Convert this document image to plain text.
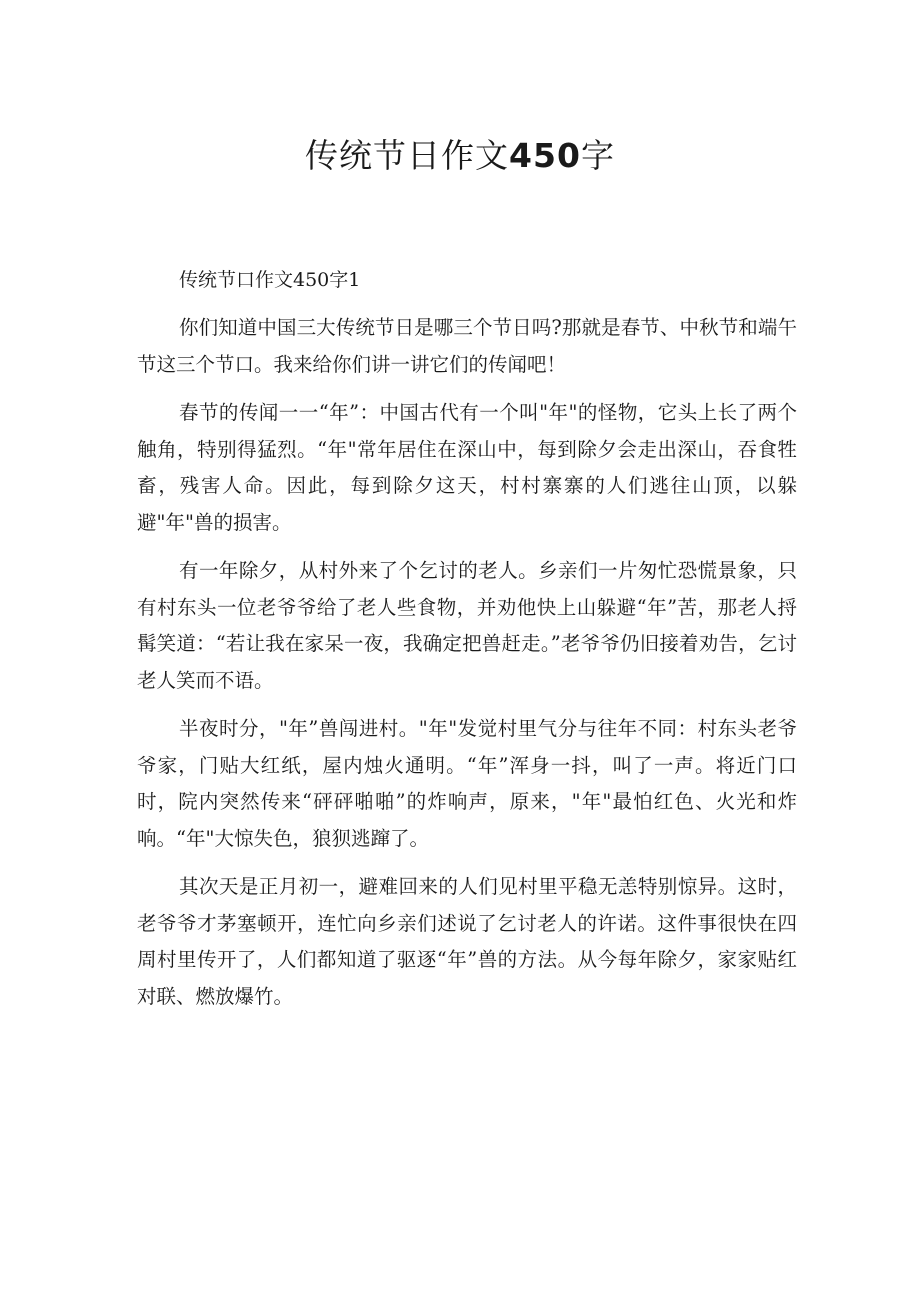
传统节日作文450字

传统节口作文450字1

你们知道中国三大传统节日是哪三个节日吗?那就是春节、中秋节和端午节这三个节口。我来给你们讲一讲它们的传闻吧！

春节的传闻一一“年”：中国古代有一个叫"年"的怪物，它头上长了两个触角，特别得猛烈。“年"常年居住在深山中，每到除夕会走出深山，吞食牲畜，残害人命。因此，每到除夕这天，村村寨寨的人们逃往山顶，以躲避"年"兽的损害。

有一年除夕，从村外来了个乞讨的老人。乡亲们一片匆忙恐慌景象，只有村东头一位老爷爷给了老人些食物，并劝他快上山躲避“年”苦，那老人捋髯笑道：“若让我在家呆一夜，我确定把兽赶走。”老爷爷仍旧接着劝告，乞讨老人笑而不语。

半夜时分，"年”兽闯进村。"年"发觉村里气分与往年不同：村东头老爷爷家，门贴大红纸，屋内烛火通明。“年”浑身一抖，叫了一声。将近门口时，院内突然传来“砰砰啪啪”的炸响声，原来，"年"最怕红色、火光和炸响。“年"大惊失色，狼狈逃蹿了。

其次天是正月初一，避难回来的人们见村里平稳无恙特别惊异。这时，老爷爷才茅塞顿开，连忙向乡亲们述说了乞讨老人的许诺。这件事很快在四周村里传开了，人们都知道了驱逐“年”兽的方法。从今每年除夕，家家贴红对联、燃放爆竹。
